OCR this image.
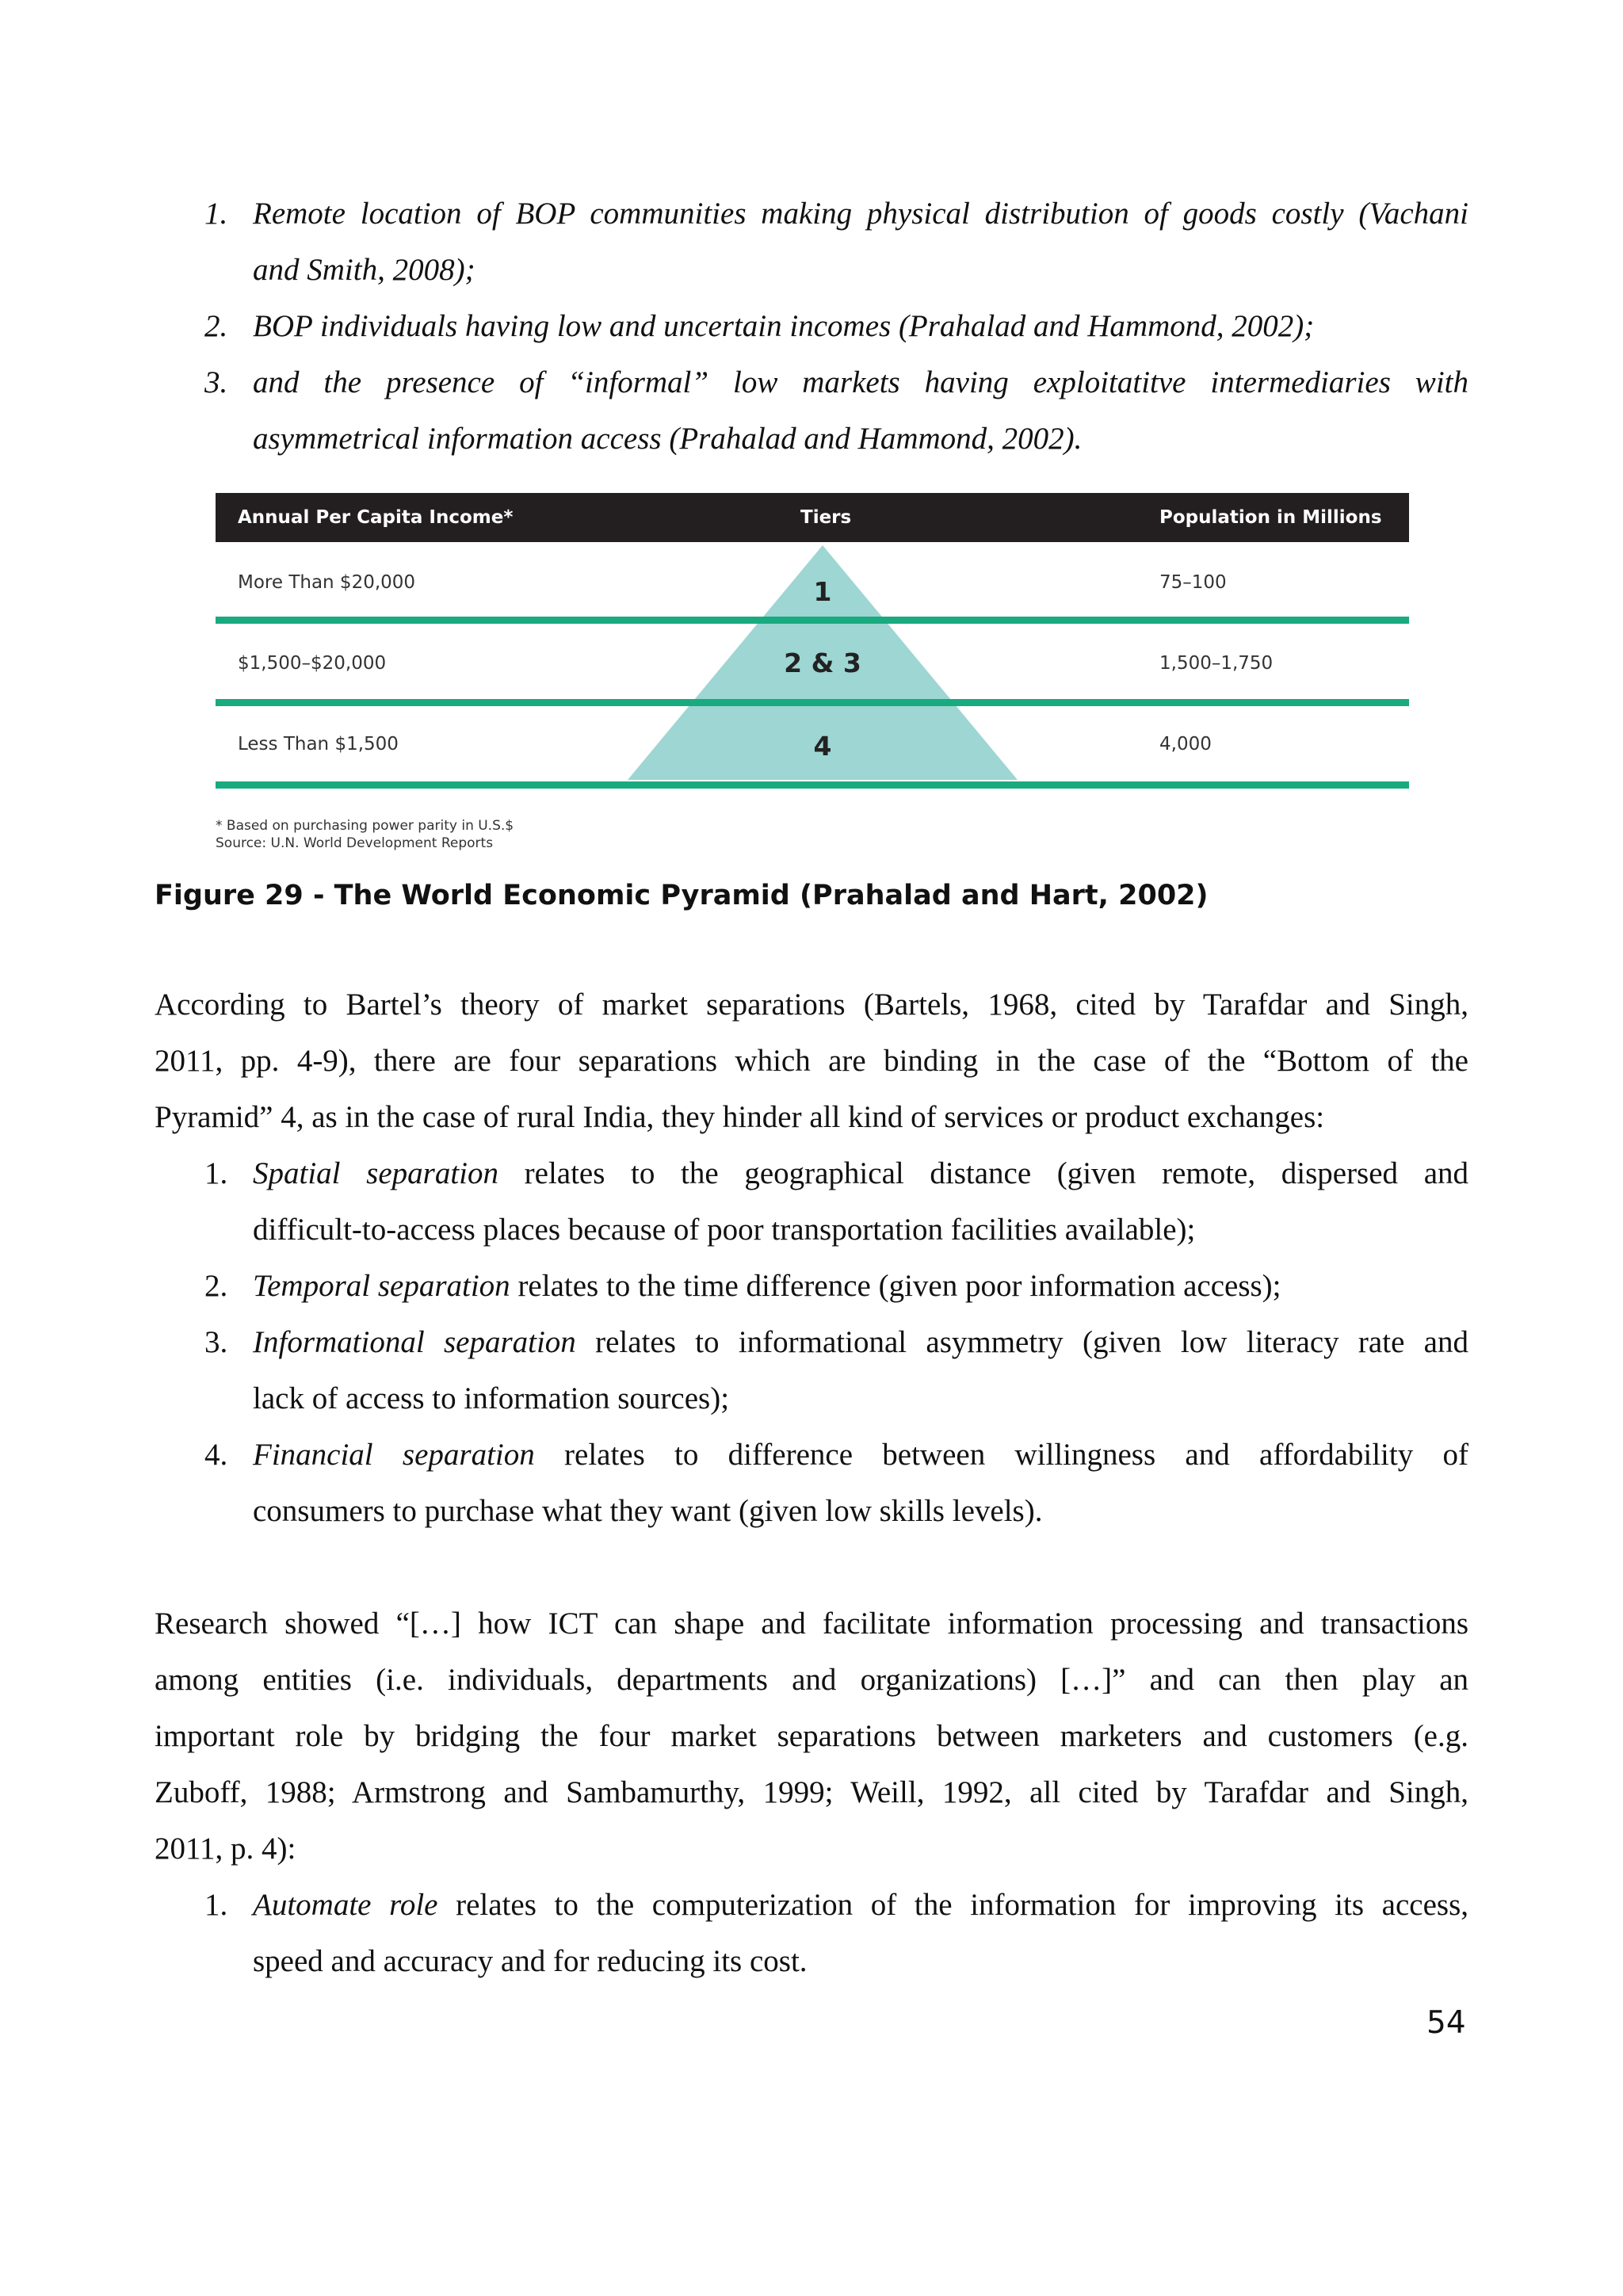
1. Remote location of BOP communities making physical distribution of goods costly (Vachani
and Smith, 2008);
2. BOP individuals having low and uncertain incomes (Prahalad and Hammond, 2002);
3. and the presence of “informal” low markets having exploitatitve intermediaries with
asymmetrical information access (Prahalad and Hammond, 2002).
Annual Per Capita Income*	Tiers	Population in Millions
More Than $20,000	1	75–100
$1,500–$20,000	2 & 3	1,500–1,750
Less Than $1,500	4	4,000
* Based on purchasing power parity in U.S.$
Source: U.N. World Development Reports
Figure 29 - The World Economic Pyramid (Prahalad and Hart, 2002)
According to Bartel’s theory of market separations (Bartels, 1968, cited by Tarafdar and Singh,
2011, pp. 4-9), there are four separations which are binding in the case of the “Bottom of the
Pyramid” 4, as in the case of rural India, they hinder all kind of services or product exchanges:
1. Spatial separation relates to the geographical distance (given remote, dispersed and
difficult-to-access places because of poor transportation facilities available);
2. Temporal separation relates to the time difference (given poor information access);
3. Informational separation relates to informational asymmetry (given low literacy rate and
lack of access to information sources);
4. Financial separation relates to difference between willingness and affordability of
consumers to purchase what they want (given low skills levels).
Research showed “[…] how ICT can shape and facilitate information processing and transactions
among entities (i.e. individuals, departments and organizations) […]” and can then play an
important role by bridging the four market separations between marketers and customers (e.g.
Zuboff, 1988; Armstrong and Sambamurthy, 1999; Weill, 1992, all cited by Tarafdar and Singh,
2011, p. 4):
1. Automate role relates to the computerization of the information for improving its access,
speed and accuracy and for reducing its cost.
54
